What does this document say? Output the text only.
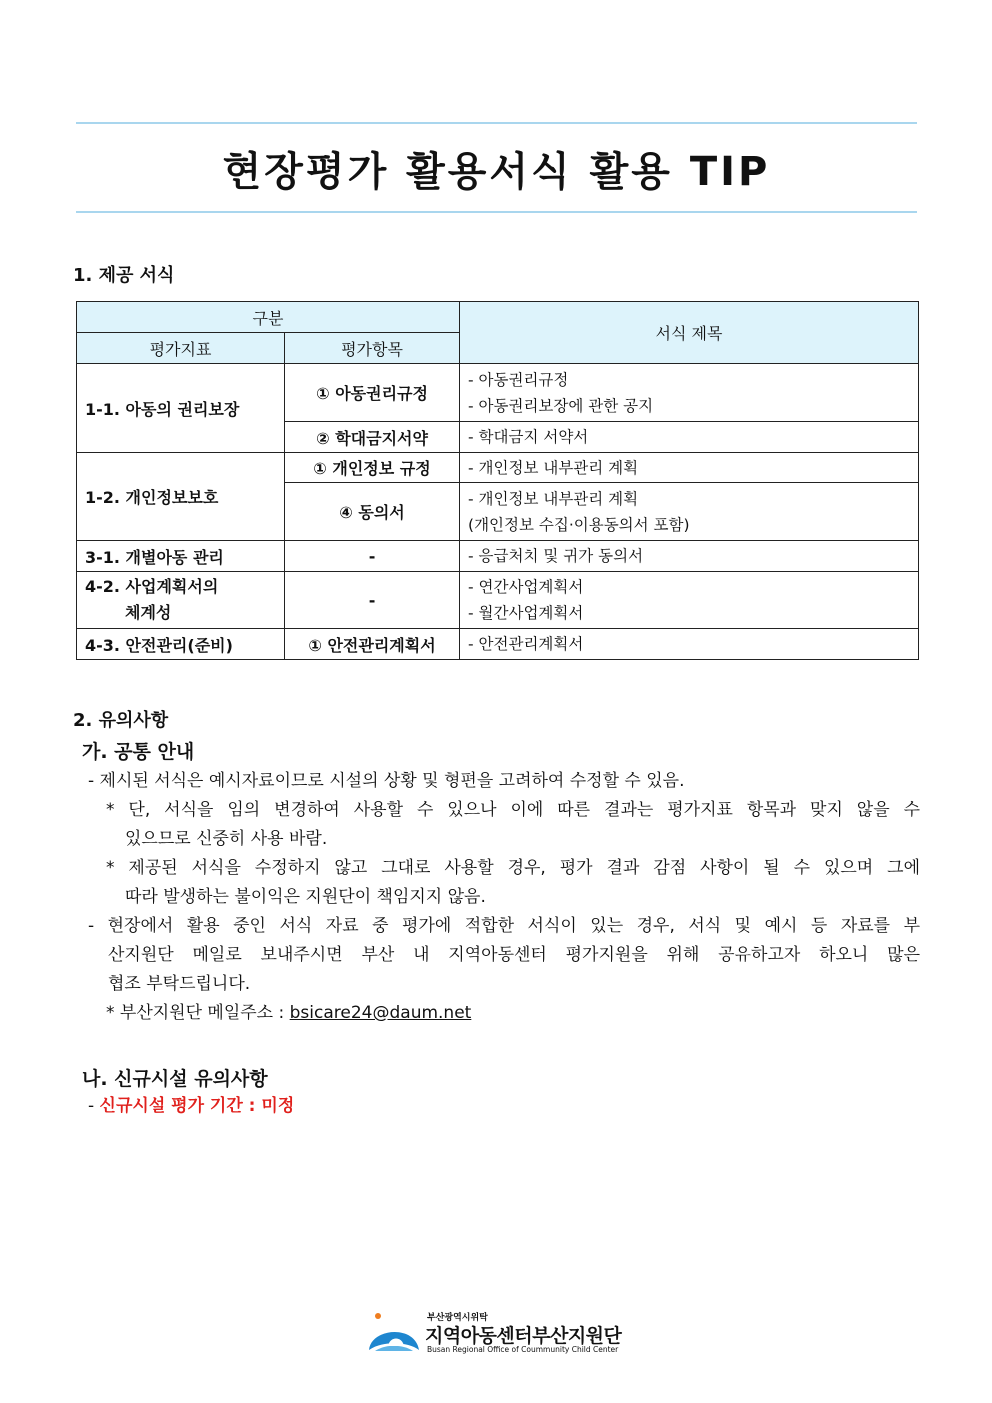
현장평가 활용서식 활용 TIP
1. 제공 서식
구분		서식 제목
평가지표	평가항목	
1-1. 아동의 권리보장	① 아동권리규정	- 아동권리규정
- 아동권리보장에 관한 공지

	② 학대금지서약	- 학대금지 서약서

1-2. 개인정보보호	① 개인정보 규정	- 개인정보 내부관리 계획

	④ 동의서	- 개인정보 내부관리 계획
(개인정보 수집·이용동의서 포함)

3-1. 개별아동 관리	-	- 응급처치 및 귀가 동의서

4-2. 사업계획서의
체계성	-	- 연간사업계획서
- 월간사업계획서

4-3. 안전관리(준비)	① 안전관리계획서	- 안전관리계획서
2. 유의사항
가. 공통 안내
- 제시된 서식은 예시자료이므로 시설의 상황 및 형편을 고려하여 수정할 수 있음.
* 단, 서식을 임의 변경하여 사용할 수 있으나 이에 따른 결과는 평가지표 항목과 맞지 않을 수
있으므로 신중히 사용 바람.
* 제공된 서식을 수정하지 않고 그대로 사용할 경우, 평가 결과 감점 사항이 될 수 있으며 그에
따라 발생하는 불이익은 지원단이 책임지지 않음.
- 현장에서 활용 중인 서식 자료 중 평가에 적합한 서식이 있는 경우, 서식 및 예시 등 자료를 부
산지원단 메일로 보내주시면 부산 내 지역아동센터 평가지원을 위해 공유하고자 하오니 많은
협조 부탁드립니다.
* 부산지원단 메일주소 : bsicare24@daum.net
나. 신규시설 유의사항
- 신규시설 평가 기간 : 미정
부산광역시위탁
지역아동센터부산지원단
Busan Regional Office of Coummunity Child Center
